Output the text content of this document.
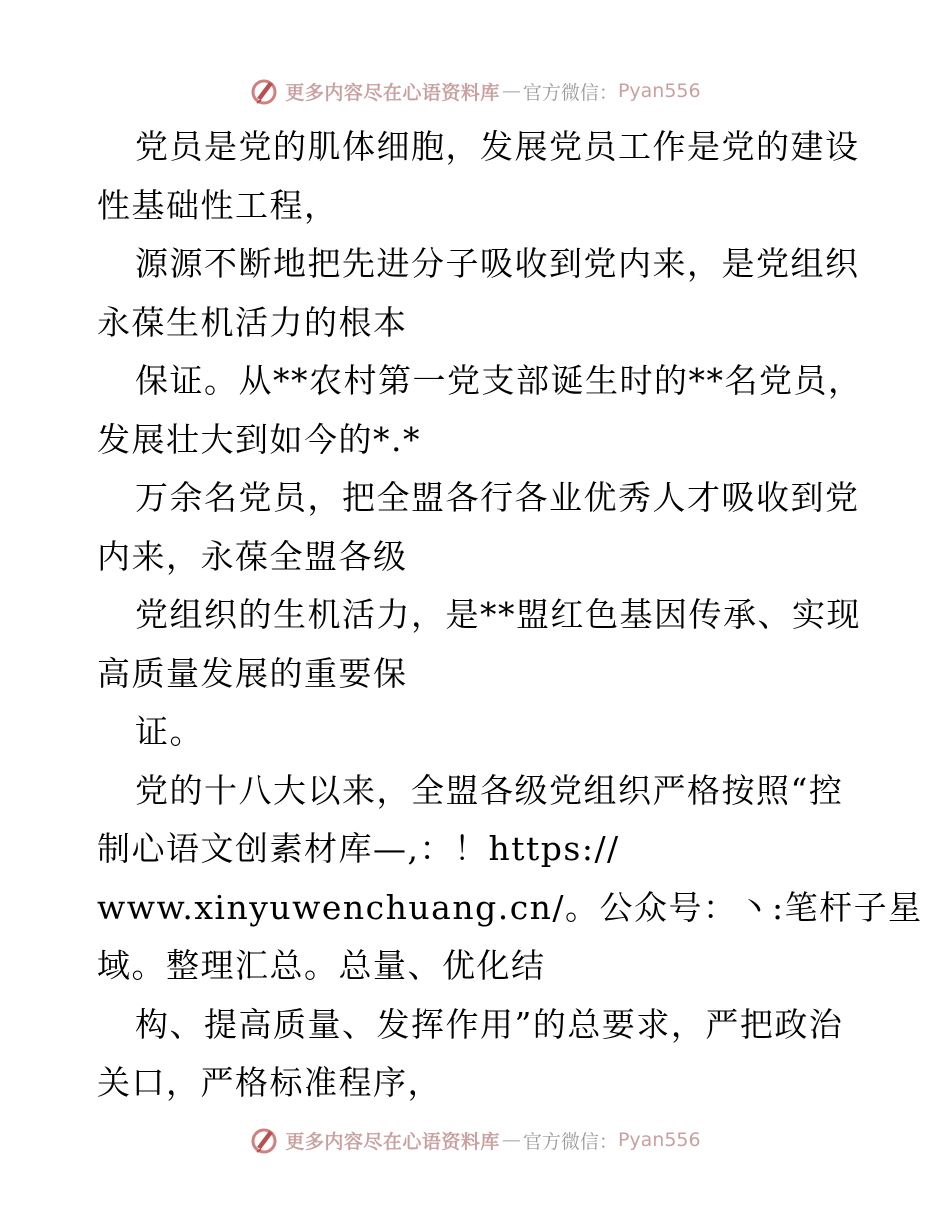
更多内容尽在心语资料库 — 官方微信： Pyan556
党员是党的肌体细胞，发展党员工作是党的建设
性基础性工程，
源源不断地把先进分子吸收到党内来，是党组织
永葆生机活力的根本
保证。从**农村第一党支部诞生时的**名党员，
发展壮大到如今的*.*
万余名党员，把全盟各行各业优秀人才吸收到党
内来，永葆全盟各级
党组织的生机活力，是**盟红色基因传承、实现
高质量发展的重要保
证。
党的十八大以来，全盟各级党组织严格按照“控
制心语文创素材库—,：！https://
www.xinyuwenchuang.cn/。公众号：丶:笔杆子星
域。整理汇总。总量、优化结
构、提高质量、发挥作用”的总要求，严把政治
关口，严格标准程序，
更多内容尽在心语资料库 — 官方微信： Pyan556
